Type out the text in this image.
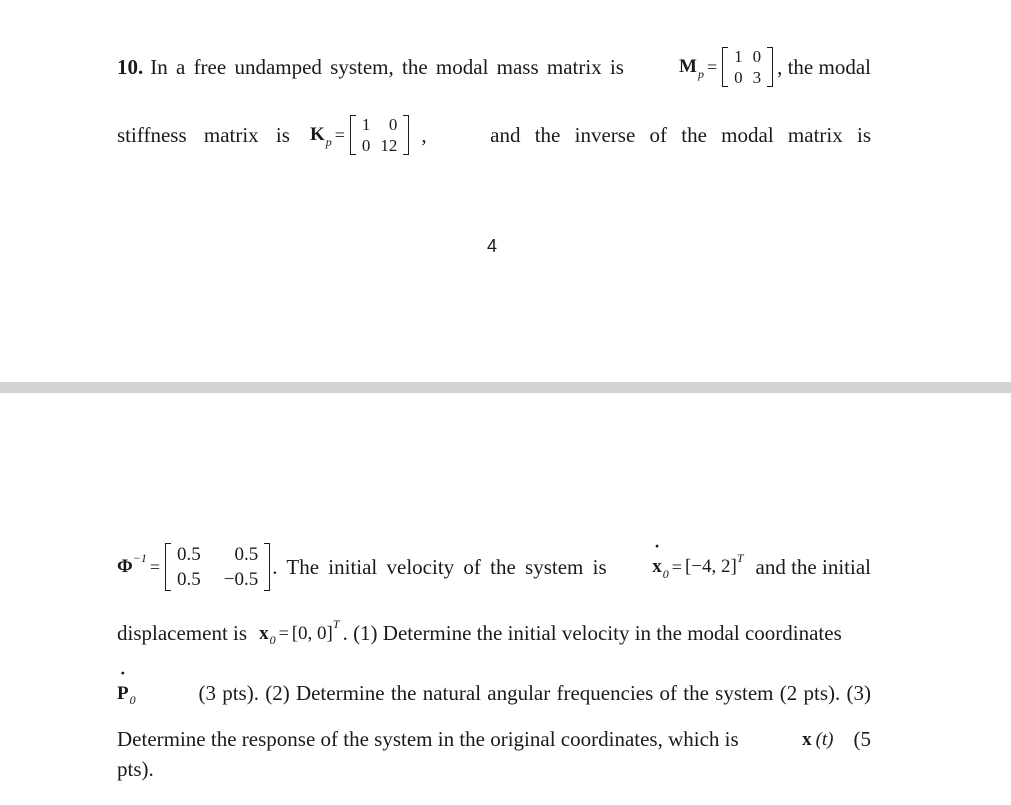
10. In a free undamped system, the modal mass matrix is	M p = 1	0
0	3 , the modal
stiffness matrix is K p = 1	0
0	12 ,	and the inverse of the modal matrix is
4
Φ −1 =
0.5	0.5
0.5	−0.5
. The initial velocity of the system is x ˙ 0 = [−4, 2] T and the initial
displacement is x 0 = [0, 0] T . (1) Determine the initial velocity in the modal coordinates
P ˙ 0	(3 pts). (2) Determine the natural angular frequencies of the system (2 pts). (3)
Determine the response of the system in the original coordinates, which is	x (t) (5
pts).
